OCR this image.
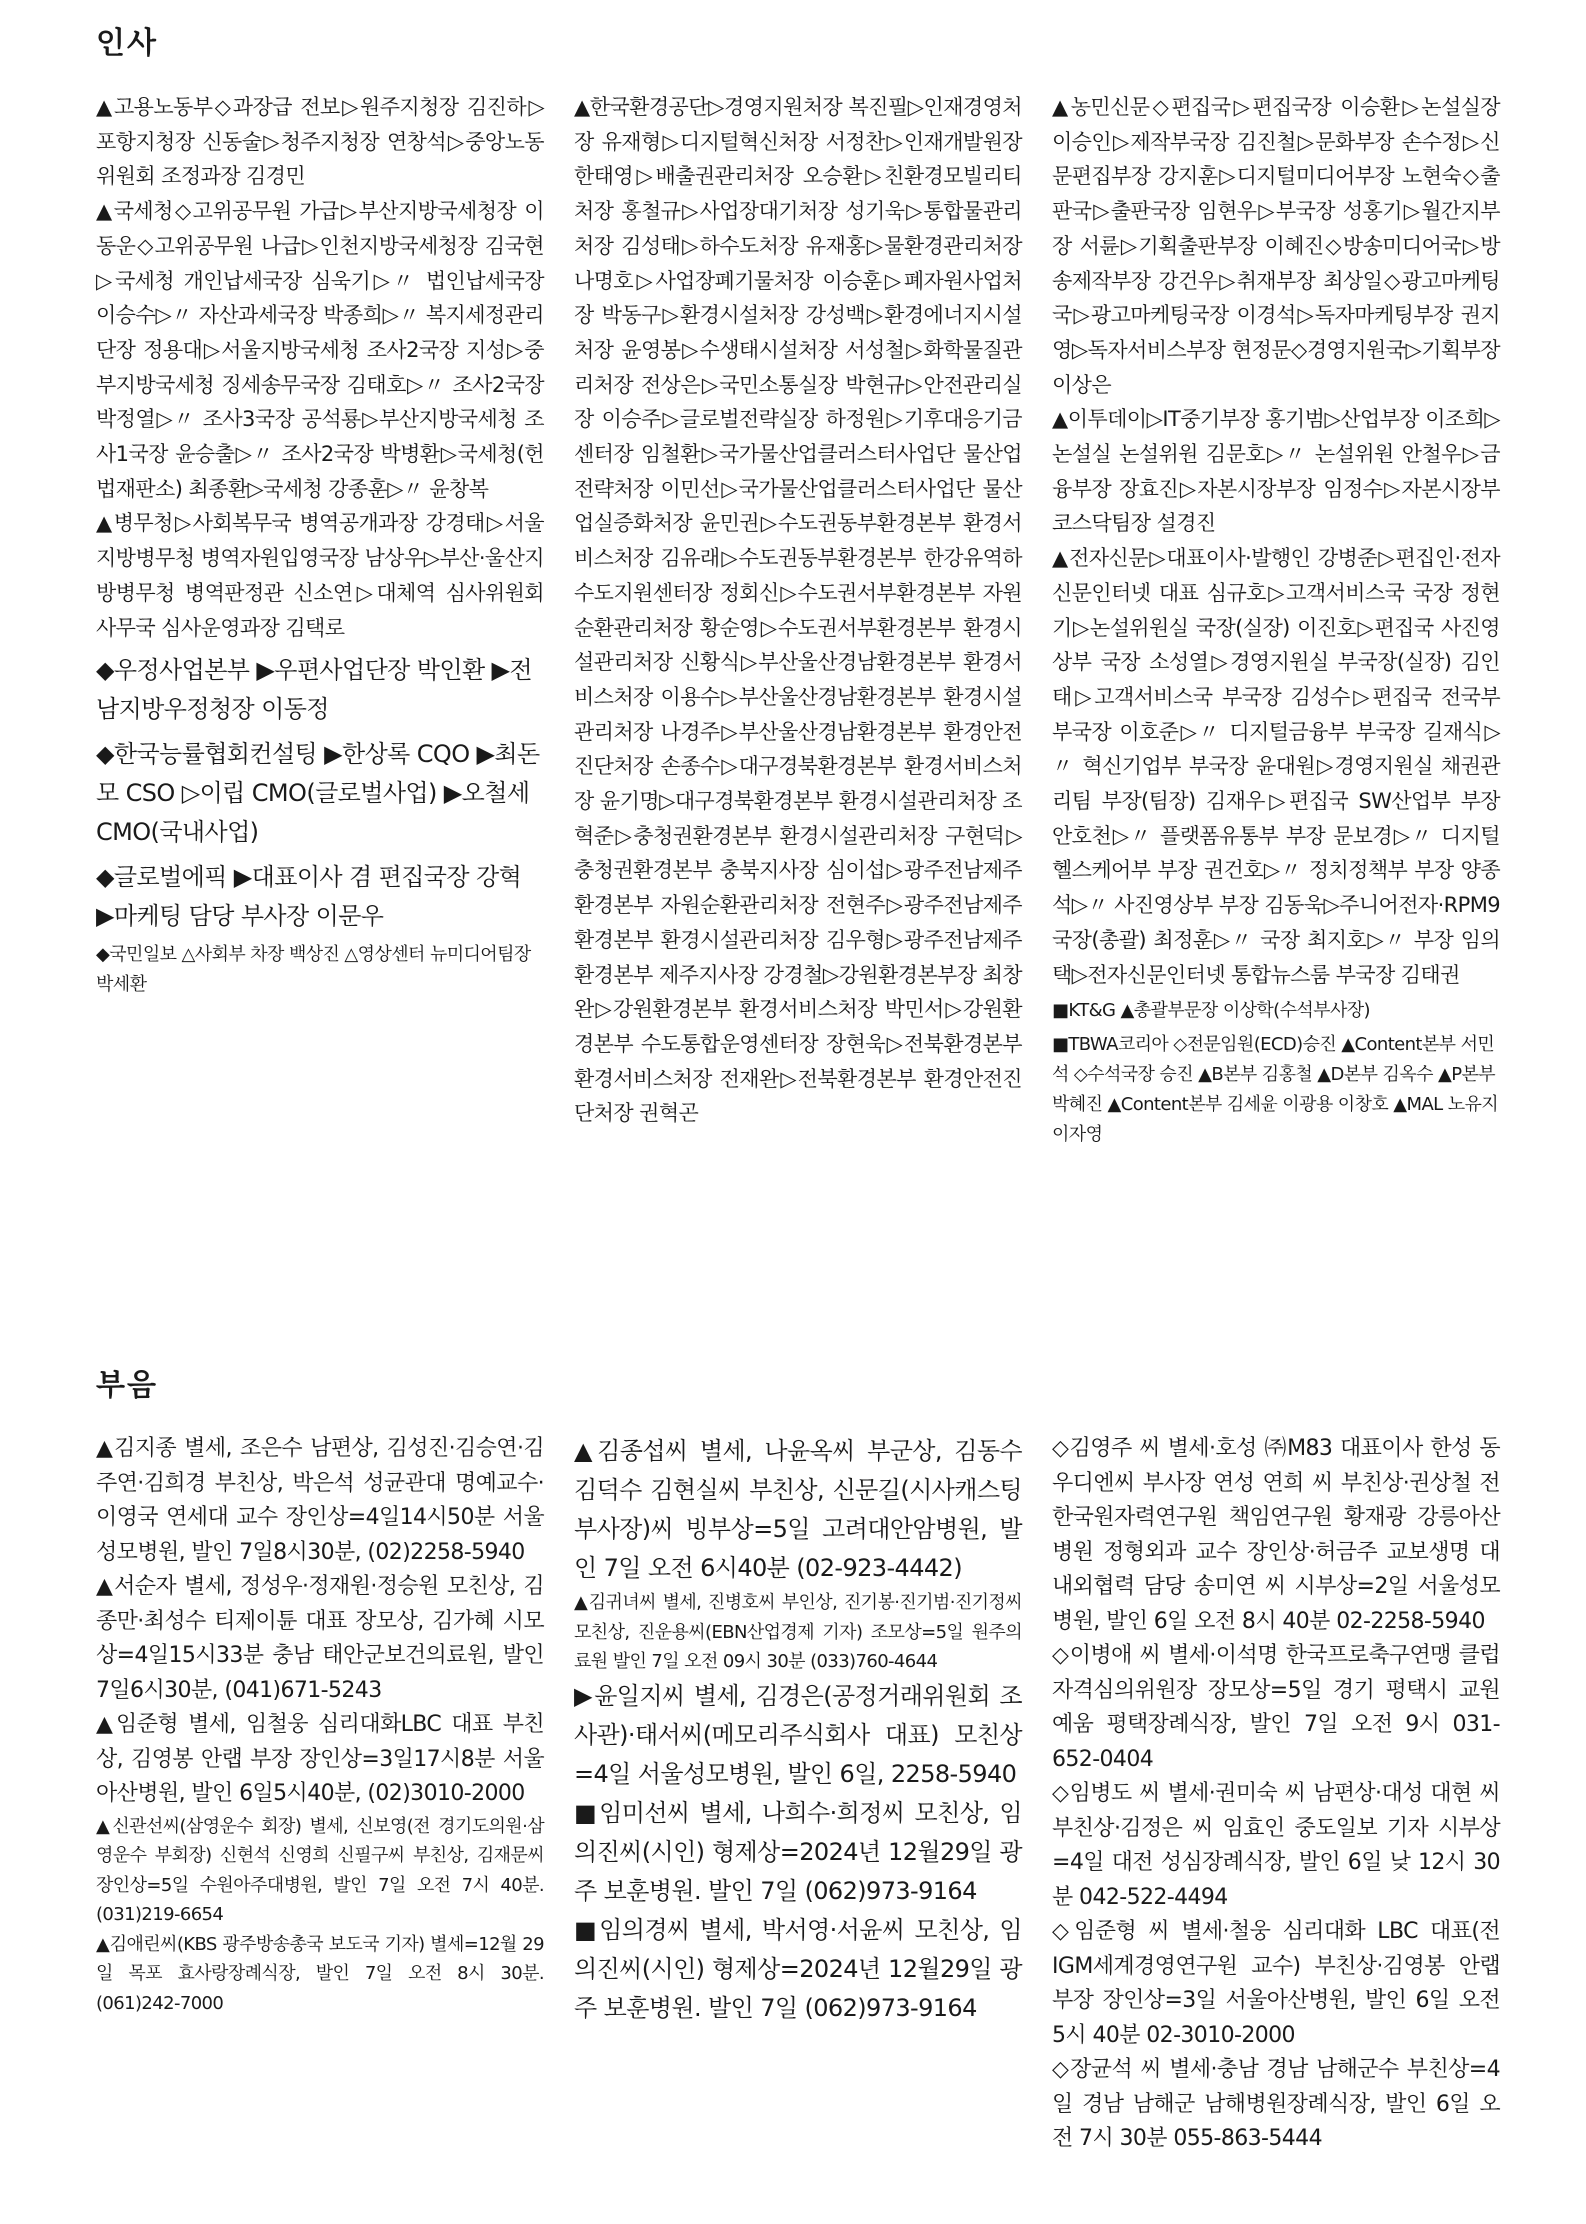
인사

▲고용노동부◇과장급 전보▷원주지청장 김진하▷포항지청장 신동술▷청주지청장 연창석▷중앙노동위원회 조정과장 김경민

▲국세청◇고위공무원 가급▷부산지방국세청장 이동운◇고위공무원 나급▷인천지방국세청장 김국현▷국세청 개인납세국장 심욱기▷〃 법인납세국장 이승수▷〃 자산과세국장 박종희▷〃 복지세정관리단장 정용대▷서울지방국세청 조사2국장 지성▷중부지방국세청 징세송무국장 김태호▷〃 조사2국장 박정열▷〃 조사3국장 공석룡▷부산지방국세청 조사1국장 윤승출▷〃 조사2국장 박병환▷국세청(헌법재판소) 최종환▷국세청 강종훈▷〃 윤창복

▲병무청▷사회복무국 병역공개과장 강경태▷서울지방병무청 병역자원입영국장 남상우▷부산·울산지방병무청 병역판정관 신소연▷대체역 심사위원회 사무국 심사운영과장 김택로

◆우정사업본부 ▶우편사업단장 박인환 ▶전남지방우정청장 이동정

◆한국능률협회컨설팅 ▶한상록 CQO ▶최돈모 CSO ▷이립 CMO(글로벌사업) ▶오철세 CMO(국내사업)

◆글로벌에픽 ▶대표이사 겸 편집국장 강혁 ▶마케팅 담당 부사장 이문우

◆국민일보 △사회부 차장 백상진 △영상센터 뉴미디어팀장 박세환

▲한국환경공단▷경영지원처장 복진필▷인재경영처장 유재형▷디지털혁신처장 서정찬▷인재개발원장 한태영▷배출권관리처장 오승환▷친환경모빌리티처장 홍철규▷사업장대기처장 성기욱▷통합물관리처장 김성태▷하수도처장 유재홍▷물환경관리처장 나명호▷사업장폐기물처장 이승훈▷폐자원사업처장 박동구▷환경시설처장 강성백▷환경에너지시설처장 윤영봉▷수생태시설처장 서성철▷화학물질관리처장 전상은▷국민소통실장 박현규▷안전관리실장 이승주▷글로벌전략실장 하정원▷기후대응기금센터장 임철환▷국가물산업클러스터사업단 물산업전략처장 이민선▷국가물산업클러스터사업단 물산업실증화처장 윤민권▷수도권동부환경본부 환경서비스처장 김유래▷수도권동부환경본부 한강유역하수도지원센터장 정회신▷수도권서부환경본부 자원순환관리처장 황순영▷수도권서부환경본부 환경시설관리처장 신황식▷부산울산경남환경본부 환경서비스처장 이용수▷부산울산경남환경본부 환경시설관리처장 나경주▷부산울산경남환경본부 환경안전진단처장 손종수▷대구경북환경본부 환경서비스처장 윤기명▷대구경북환경본부 환경시설관리처장 조혁준▷충청권환경본부 환경시설관리처장 구현덕▷충청권환경본부 충북지사장 심이섭▷광주전남제주환경본부 자원순환관리처장 전현주▷광주전남제주환경본부 환경시설관리처장 김우형▷광주전남제주환경본부 제주지사장 강경철▷강원환경본부장 최창완▷강원환경본부 환경서비스처장 박민서▷강원환경본부 수도통합운영센터장 장현욱▷전북환경본부 환경서비스처장 전재완▷전북환경본부 환경안전진단처장 권혁곤

▲농민신문◇편집국▷편집국장 이승환▷논설실장 이승인▷제작부국장 김진철▷문화부장 손수정▷신문편집부장 강지훈▷디지털미디어부장 노현숙◇출판국▷출판국장 임현우▷부국장 성홍기▷월간지부장 서륜▷기획출판부장 이혜진◇방송미디어국▷방송제작부장 강건우▷취재부장 최상일◇광고마케팅국▷광고마케팅국장 이경석▷독자마케팅부장 권지영▷독자서비스부장 현정문◇경영지원국▷기획부장 이상은

▲이투데이▷IT중기부장 홍기범▷산업부장 이조희▷논설실 논설위원 김문호▷〃 논설위원 안철우▷금융부장 장효진▷자본시장부장 임정수▷자본시장부 코스닥팀장 설경진

▲전자신문▷대표이사·발행인 강병준▷편집인·전자신문인터넷 대표 심규호▷고객서비스국 국장 정현기▷논설위원실 국장(실장) 이진호▷편집국 사진영상부 국장 소성열▷경영지원실 부국장(실장) 김인태▷고객서비스국 부국장 김성수▷편집국 전국부 부국장 이호준▷〃 디지털금융부 부국장 길재식▷〃 혁신기업부 부국장 윤대원▷경영지원실 채권관리팀 부장(팀장) 김재우▷편집국 SW산업부 부장 안호천▷〃 플랫폼유통부 부장 문보경▷〃 디지털헬스케어부 부장 권건호▷〃 정치정책부 부장 양종석▷〃 사진영상부 부장 김동욱▷주니어전자·RPM9 국장(총괄) 최정훈▷〃 국장 최지호▷〃 부장 임의택▷전자신문인터넷 통합뉴스룸 부국장 김태권

■KT&G ▲총괄부문장 이상학(수석부사장)

■TBWA코리아 ◇전문임원(ECD)승진 ▲Content본부 서민석 ◇수석국장 승진 ▲B본부 김홍철 ▲D본부 김옥수 ▲P본부 박혜진 ▲Content본부 김세윤 이광용 이창호 ▲MAL 노유지 이자영

부음

▲김지종 별세, 조은수 남편상, 김성진·김승연·김주연·김희경 부친상, 박은석 성균관대 명예교수·이영국 연세대 교수 장인상=4일14시50분 서울성모병원, 발인 7일8시30분, (02)2258-5940

▲서순자 별세, 정성우·정재원·정승원 모친상, 김종만·최성수 티제이튠 대표 장모상, 김가혜 시모상=4일15시33분 충남 태안군보건의료원, 발인 7일6시30분, (041)671-5243

▲임준형 별세, 임철웅 심리대화LBC 대표 부친상, 김영봉 안랩 부장 장인상=3일17시8분 서울아산병원, 발인 6일5시40분, (02)3010-2000

▲신관선씨(삼영운수 회장) 별세, 신보영(전 경기도의원·삼영운수 부회장) 신현석 신영희 신필구씨 부친상, 김재문씨 장인상=5일 수원아주대병원, 발인 7일 오전 7시 40분. (031)219-6654

▲김애린씨(KBS 광주방송총국 보도국 기자) 별세=12월 29일 목포 효사랑장례식장, 발인 7일 오전 8시 30분. (061)242-7000

▲김종섭씨 별세, 나윤옥씨 부군상, 김동수 김덕수 김현실씨 부친상, 신문길(시사캐스팅 부사장)씨 빙부상=5일 고려대안암병원, 발인 7일 오전 6시40분 (02-923-4442)

▲김귀녀씨 별세, 진병호씨 부인상, 진기봉·진기범·진기정씨 모친상, 진운용씨(EBN산업경제 기자) 조모상=5일 원주의료원 발인 7일 오전 09시 30분 (033)760-4644

▶윤일지씨 별세, 김경은(공정거래위원회 조사관)·태서씨(메모리주식회사 대표) 모친상=4일 서울성모병원, 발인 6일, 2258-5940

■임미선씨 별세, 나희수·희정씨 모친상, 임의진씨(시인) 형제상=2024년 12월29일 광주 보훈병원. 발인 7일 (062)973-9164

■임의경씨 별세, 박서영·서윤씨 모친상, 임의진씨(시인) 형제상=2024년 12월29일 광주 보훈병원. 발인 7일 (062)973-9164

◇김영주 씨 별세·호성 ㈜M83 대표이사 한성 동우디엔씨 부사장 연성 연희 씨 부친상·권상철 전 한국원자력연구원 책임연구원 황재광 강릉아산병원 정형외과 교수 장인상·허금주 교보생명 대내외협력 담당 송미연 씨 시부상=2일 서울성모병원, 발인 6일 오전 8시 40분 02-2258-5940

◇이병애 씨 별세·이석명 한국프로축구연맹 클럽자격심의위원장 장모상=5일 경기 평택시 교원예움 평택장례식장, 발인 7일 오전 9시 031-652-0404

◇임병도 씨 별세·권미숙 씨 남편상·대성 대현 씨 부친상·김정은 씨 임효인 중도일보 기자 시부상=4일 대전 성심장례식장, 발인 6일 낮 12시 30분 042-522-4494

◇임준형 씨 별세·철웅 심리대화 LBC 대표(전 IGM세계경영연구원 교수) 부친상·김영봉 안랩 부장 장인상=3일 서울아산병원, 발인 6일 오전 5시 40분 02-3010-2000

◇장균석 씨 별세·충남 경남 남해군수 부친상=4일 경남 남해군 남해병원장례식장, 발인 6일 오전 7시 30분 055-863-5444
